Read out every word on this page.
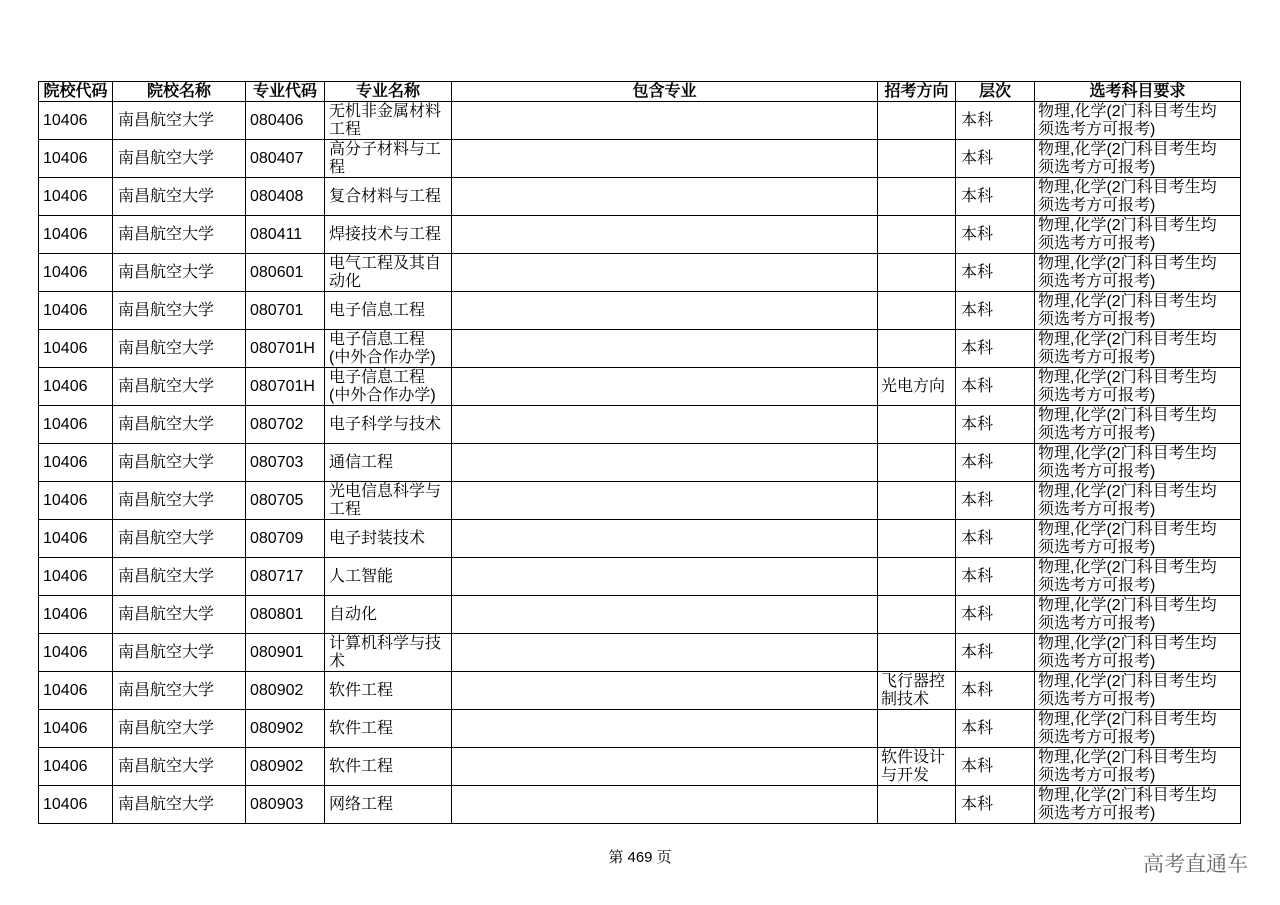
院校代码	院校名称	专业代码	专业名称	包含专业	招考方向	层次	选考科目要求
10406	南昌航空大学	080406	无机非金属材料工程			本科	物理,化学(2门科目考生均须选考方可报考)
10406	南昌航空大学	080407	高分子材料与工程			本科	物理,化学(2门科目考生均须选考方可报考)
10406	南昌航空大学	080408	复合材料与工程			本科	物理,化学(2门科目考生均须选考方可报考)
10406	南昌航空大学	080411	焊接技术与工程			本科	物理,化学(2门科目考生均须选考方可报考)
10406	南昌航空大学	080601	电气工程及其自动化			本科	物理,化学(2门科目考生均须选考方可报考)
10406	南昌航空大学	080701	电子信息工程			本科	物理,化学(2门科目考生均须选考方可报考)
10406	南昌航空大学	080701H	电子信息工程(中外合作办学)			本科	物理,化学(2门科目考生均须选考方可报考)
10406	南昌航空大学	080701H	电子信息工程(中外合作办学)		光电方向	本科	物理,化学(2门科目考生均须选考方可报考)
10406	南昌航空大学	080702	电子科学与技术			本科	物理,化学(2门科目考生均须选考方可报考)
10406	南昌航空大学	080703	通信工程			本科	物理,化学(2门科目考生均须选考方可报考)
10406	南昌航空大学	080705	光电信息科学与工程			本科	物理,化学(2门科目考生均须选考方可报考)
10406	南昌航空大学	080709	电子封装技术			本科	物理,化学(2门科目考生均须选考方可报考)
10406	南昌航空大学	080717	人工智能			本科	物理,化学(2门科目考生均须选考方可报考)
10406	南昌航空大学	080801	自动化			本科	物理,化学(2门科目考生均须选考方可报考)
10406	南昌航空大学	080901	计算机科学与技术			本科	物理,化学(2门科目考生均须选考方可报考)
10406	南昌航空大学	080902	软件工程		飞行器控制技术	本科	物理,化学(2门科目考生均须选考方可报考)
10406	南昌航空大学	080902	软件工程			本科	物理,化学(2门科目考生均须选考方可报考)
10406	南昌航空大学	080902	软件工程		软件设计与开发	本科	物理,化学(2门科目考生均须选考方可报考)
10406	南昌航空大学	080903	网络工程			本科	物理,化学(2门科目考生均须选考方可报考)
第 469 页	高考直通车
